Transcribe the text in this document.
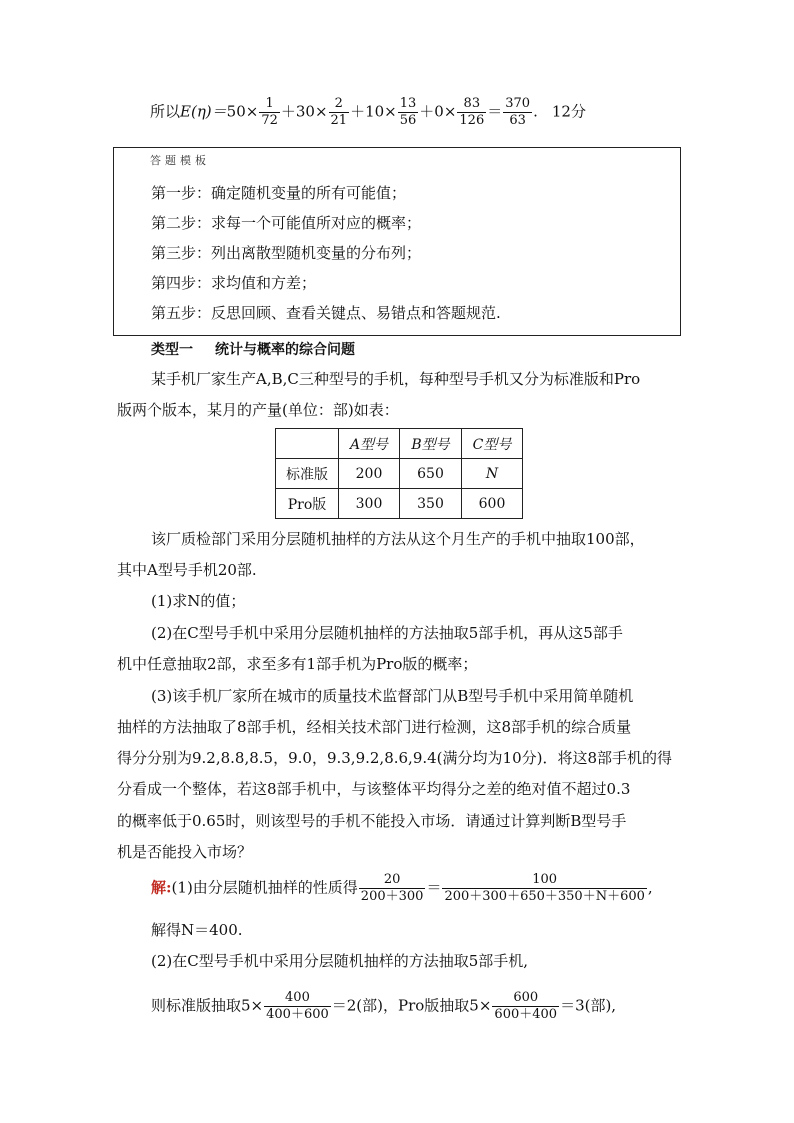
所以$E(\eta)=50\times \frac{1}{72} +30\times \frac{2}{21} +10\times \frac{13}{56} +0\times \frac{83}{126} = \frac{370}{63}$ . 12分
答题模板
第一步：确定随机变量的所有可能值；
第二步：求每一个可能值所对应的概率；
第三步：列出离散型随机变量的分布列；
第四步：求均值和方差；
第五步：反思回顾、查看关键点、易错点和答题规范.
类型一 统计与概率的综合问题
某手机厂家生产A,B,C三种型号的手机，每种型号手机又分为标准版和Pro
版两个版本，某月的产量(单位：部)如表：
	A型号	B型号	C型号
标准版	200	650	N
Pro版	300	350	600
该厂质检部门采用分层随机抽样的方法从这个月生产的手机中抽取100部，
其中A型号手机20部.
(1)求N的值；
(2)在C型号手机中采用分层随机抽样的方法抽取5部手机，再从这5部手
机中任意抽取2部，求至多有1部手机为Pro版的概率；
(3)该手机厂家所在城市的质量技术监督部门从B型号手机中采用简单随机
抽样的方法抽取了8部手机，经相关技术部门进行检测，这8部手机的综合质量
得分分别为9.2,8.8,8.5，9.0，9.3,9.2,8.6,9.4(满分均为10分)．将这8部手机的得
分看成一个整体，若这8部手机中，与该整体平均得分之差的绝对值不超过0.3
的概率低于0.65时，则该型号的手机不能投入市场．请通过计算判断B型号手
机是否能投入市场？
解:(1)由分层随机抽样的性质得 $\frac{20}{200+300} = \frac{100}{200+300+650+350+N+600}$ ,
解得N＝400.
(2)在C型号手机中采用分层随机抽样的方法抽取5部手机,
则标准版抽取$5\times \frac{400}{400+600} =2$(部)，Pro版抽取$5\times \frac{600}{600+400} =3$(部),
